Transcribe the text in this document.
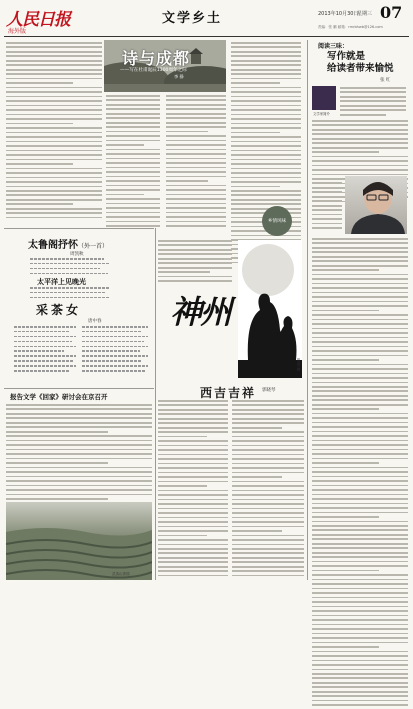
人民日报
海外版
文学乡土	2013年10月30日
星期三 07
责编：张 鹏 邮箱：rmrbhwb@126.com
诗与成都
——写在杜甫诞辰1300周年之际
李 静
乡情风味
阅读三味：
写作就是
给读者带来愉悦
张 红
文学家简介
太鲁阁抒怀（外一首）
周凯秋
太平洋上见晚光
采茶女
唐中春
报告文学《回家》研讨会在京召开
武夷山茶园
神州
夏 勇 摄
西吉吉祥 郭晓琴
